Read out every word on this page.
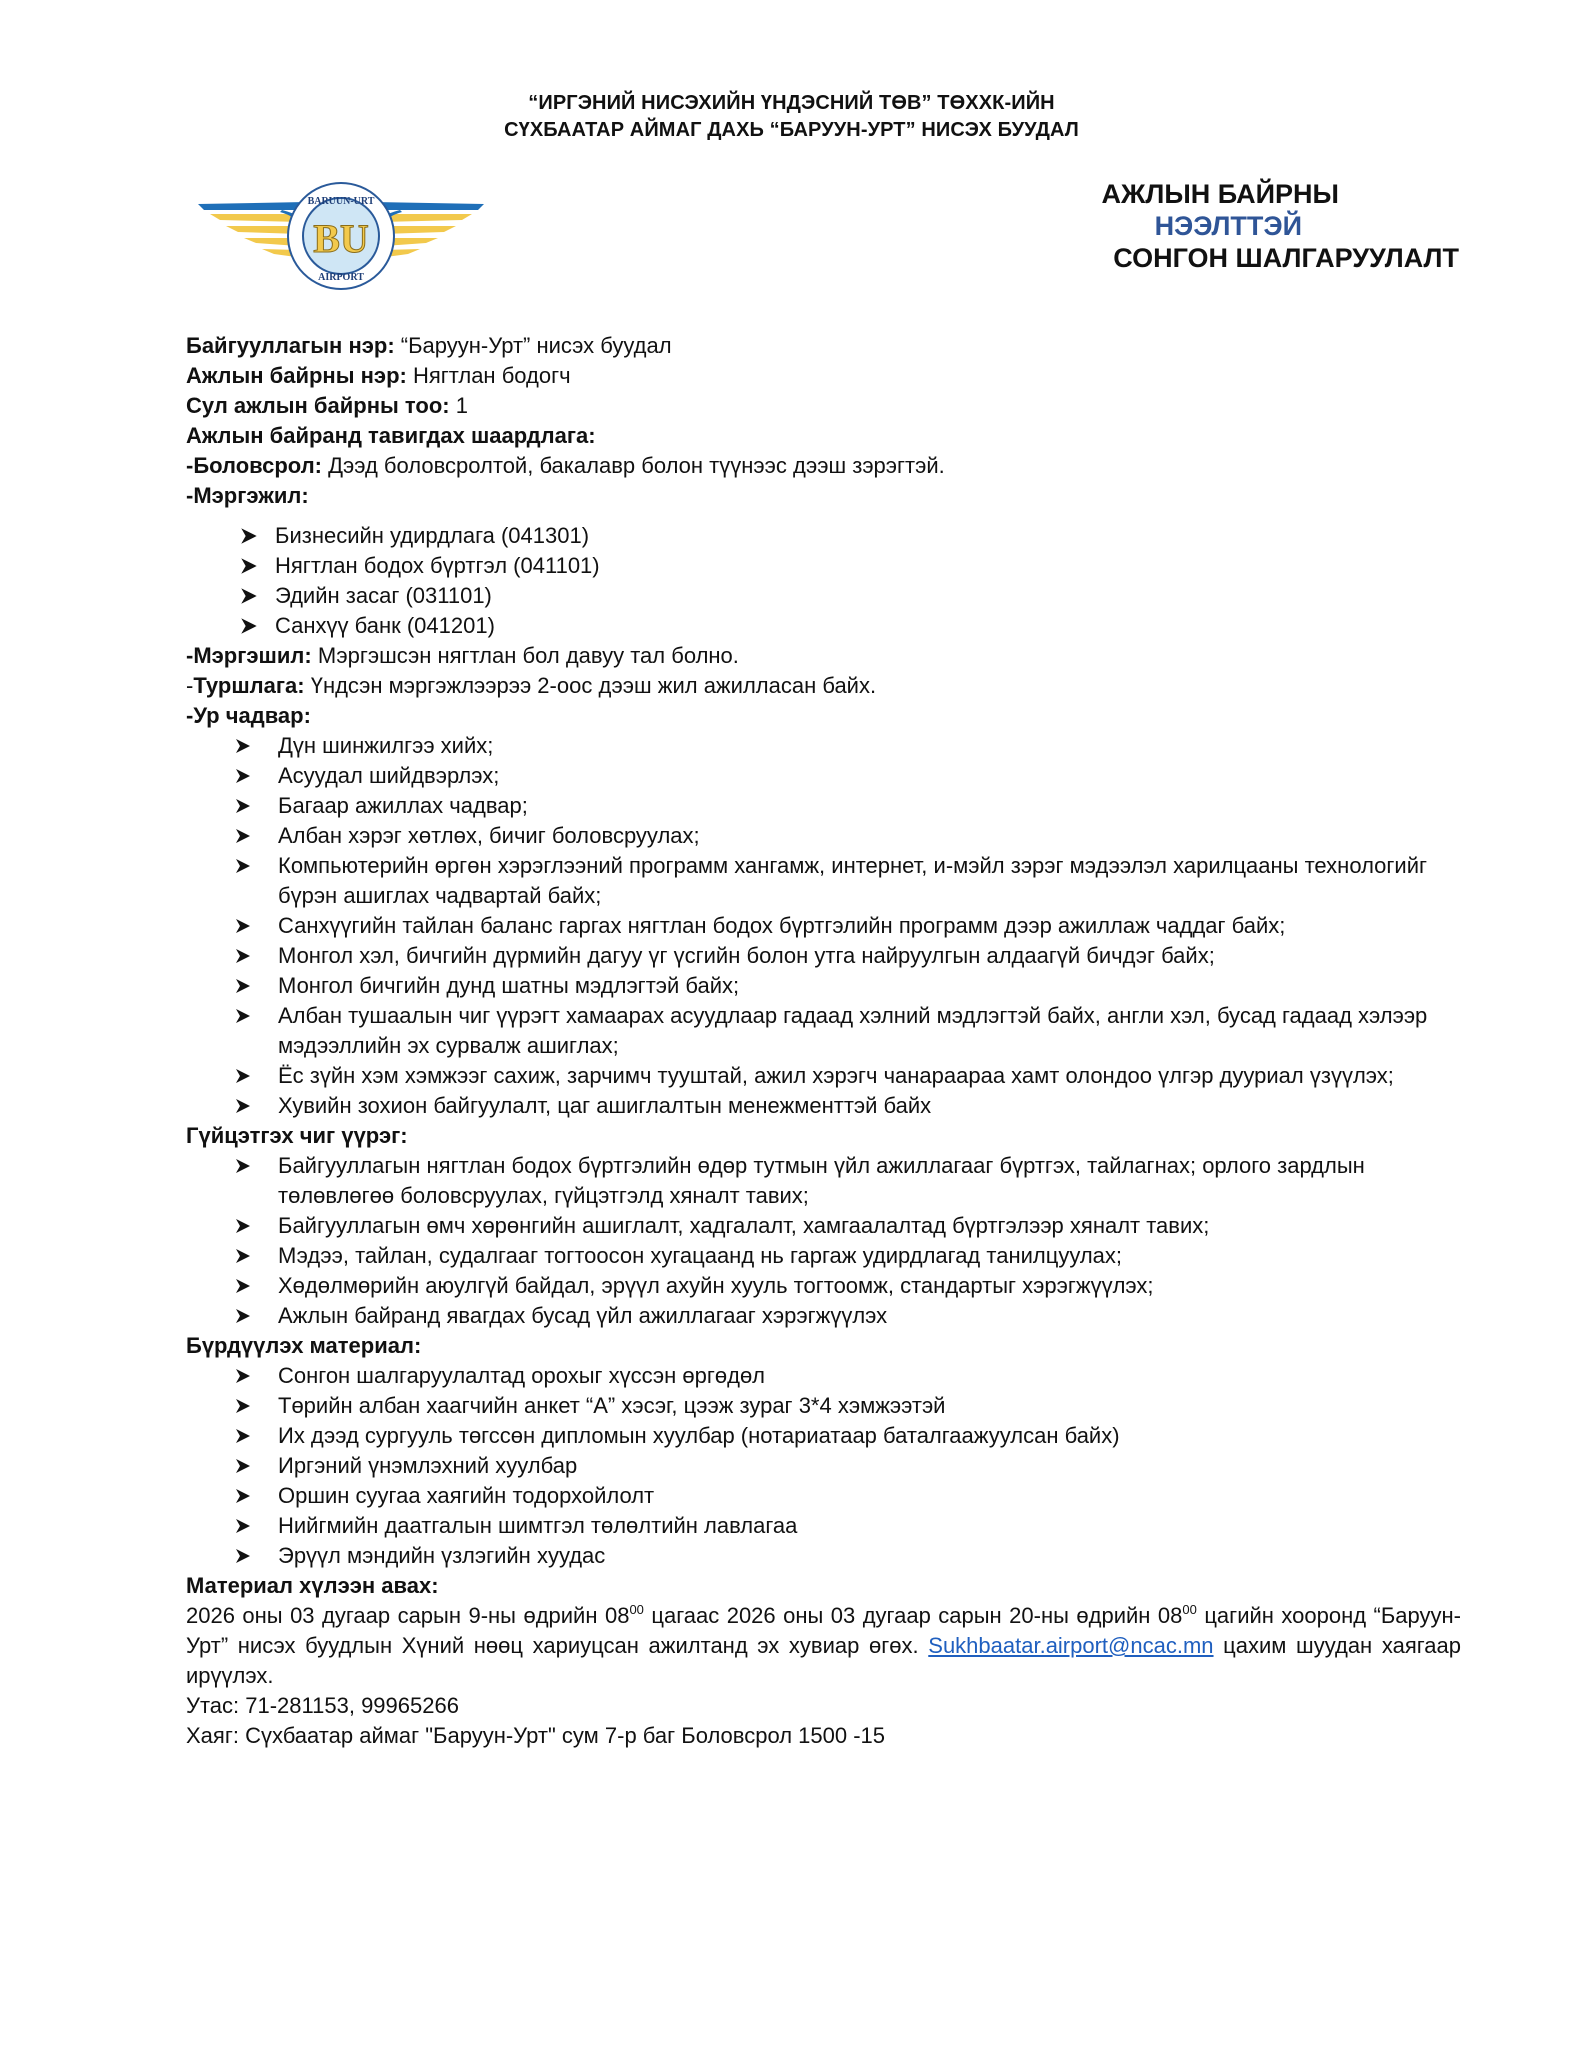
“ИРГЭНИЙ НИСЭХИЙН ҮНДЭСНИЙ ТӨВ” ТӨХХК-ИЙН
СҮХБААТАР АЙМАГ ДАХЬ “БАРУУН-УРТ” НИСЭХ БУУДАЛ
BARUUN-URT
AIRPORT
BU
АЖЛЫН БАЙРНЫ
НЭЭЛТТЭЙ
СОНГОН ШАЛГАРУУЛАЛТ
Байгууллагын нэр: “Баруун-Урт” нисэх буудал
Ажлын байрны нэр: Нягтлан бодогч
Сул ажлын байрны тоо: 1
Ажлын байранд тавигдах шаардлага:
-Боловсрол: Дээд боловсролтой, бакалавр болон түүнээс дээш зэрэгтэй.
-Мэргэжил:
Бизнесийн удирдлага (041301)
Нягтлан бодох бүртгэл (041101)
Эдийн засаг (031101)
Санхүү банк (041201)
-Мэргэшил: Мэргэшсэн нягтлан бол давуу тал болно.
-Туршлага: Үндсэн мэргэжлээрээ 2-оос дээш жил ажилласан байх.
-Ур чадвар:
Дүн шинжилгээ хийх;
Асуудал шийдвэрлэх;
Багаар ажиллах чадвар;
Албан хэрэг хөтлөх, бичиг боловсруулах;
Компьютерийн өргөн хэрэглээний программ хангамж, интернет, и-мэйл зэрэг мэдээлэл харилцааны технологийг бүрэн ашиглах чадвартай байх;
Санхүүгийн тайлан баланс гаргах нягтлан бодох бүртгэлийн программ дээр ажиллаж чаддаг байх;
Монгол хэл, бичгийн дүрмийн дагуу үг үсгийн болон утга найруулгын алдаагүй бичдэг байх;
Монгол бичгийн дунд шатны мэдлэгтэй байх;
Албан тушаалын чиг үүрэгт хамаарах асуудлаар гадаад хэлний мэдлэгтэй байх, англи хэл, бусад гадаад хэлээр мэдээллийн эх сурвалж ашиглах;
Ёс зүйн хэм хэмжээг сахиж, зарчимч тууштай, ажил хэрэгч чанараараа хамт олондоо үлгэр дууриал үзүүлэх;
Хувийн зохион байгуулалт, цаг ашиглалтын менежменттэй байх
Гүйцэтгэх чиг үүрэг:
Байгууллагын нягтлан бодох бүртгэлийн өдөр тутмын үйл ажиллагааг бүртгэх, тайлагнах; орлого зардлын төлөвлөгөө боловсруулах, гүйцэтгэлд хяналт тавих;
Байгууллагын өмч хөрөнгийн ашиглалт, хадгалалт, хамгаалалтад бүртгэлээр хяналт тавих;
Мэдээ, тайлан, судалгааг тогтоосон хугацаанд нь гаргаж удирдлагад танилцуулах;
Хөдөлмөрийн аюулгүй байдал, эрүүл ахуйн хууль тогтоомж, стандартыг хэрэгжүүлэх;
Ажлын байранд явагдах бусад үйл ажиллагааг хэрэгжүүлэх
Бүрдүүлэх материал:
Сонгон шалгаруулалтад орохыг хүссэн өргөдөл
Төрийн албан хаагчийн анкет “А” хэсэг, цээж зураг 3*4 хэмжээтэй
Их дээд сургууль төгссөн дипломын хуулбар (нотариатаар баталгаажуулсан байх)
Иргэний үнэмлэхний хуулбар
Оршин суугаа хаягийн тодорхойлолт
Нийгмийн даатгалын шимтгэл төлөлтийн лавлагаа
Эрүүл мэндийн үзлэгийн хуудас
Материал хүлээн авах:
2026 оны 03 дугаар сарын 9-ны өдрийн $08^{00}$ цагаас 2026 оны 03 дугаар сарын 20-ны өдрийн $08^{00}$ цагийн хооронд “Баруун-Урт” нисэх буудлын Хүний нөөц хариуцсан ажилтанд эх хувиар өгөх. Sukhbaatar.airport@ncac.mn цахим шуудан хаягаар ирүүлэх.
Утас: 71-281153, 99965266
Хаяг: Сүхбаатар аймаг "Баруун-Урт" сум 7-р баг Боловсрол 1500 -15
